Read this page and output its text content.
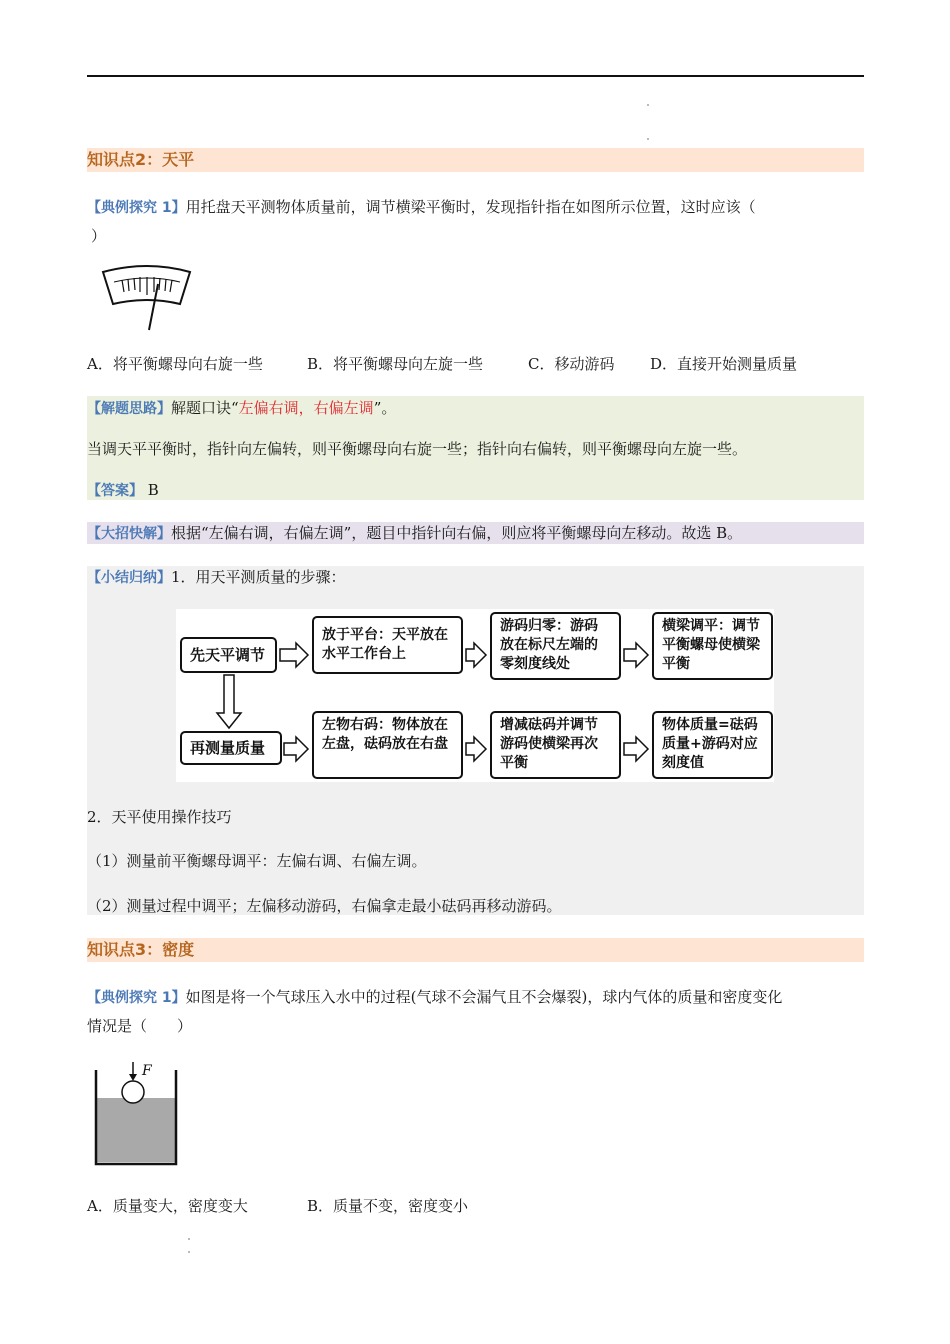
知识点2：天平
【典例探究 1】用托盘天平测物体质量前，调节横梁平衡时，发现指针指在如图所示位置，这时应该（
）
A．将平衡螺母向右旋一些	B．将平衡螺母向左旋一些	C．移动游码 D．直接开始测量质量
【解题思路】解题口诀“左偏右调，右偏左调”。
当调天平平衡时，指针向左偏转，则平衡螺母向右旋一些；指针向右偏转，则平衡螺母向左旋一些。
【答案】 B
【大招快解】根据“左偏右调，右偏左调”，题目中指针向右偏，则应将平衡螺母向左移动。故选 B。
【小结归纳】1．用天平测质量的步骤：
先天平调节
放于平台：天平放在水平工作台上
游码归零：游码放在标尺左端的零刻度线处
横梁调平：调节平衡螺母使横梁平衡
再测量质量
左物右码：物体放在左盘，砝码放在右盘
增减砝码并调节游码使横梁再次平衡
物体质量=砝码质量+游码对应刻度值
2．天平使用操作技巧
（1）测量前平衡螺母调平：左偏右调、右偏左调。
（2）测量过程中调平；左偏移动游码，右偏拿走最小砝码再移动游码。
知识点3：密度
【典例探究 1】如图是将一个气球压入水中的过程(气球不会漏气且不会爆裂)，球内气体的质量和密度变化
情况是（　　）
F
A．质量变大，密度变大	B．质量不变，密度变小
